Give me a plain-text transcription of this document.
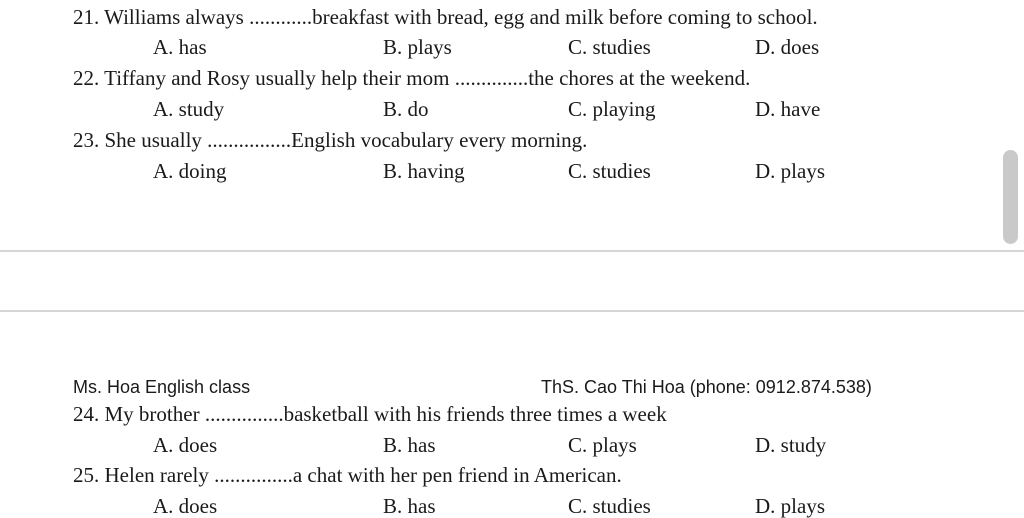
21. Williams always ............breakfast with bread, egg and milk before coming to school.
A. has	B. plays	C. studies	D. does
22. Tiffany and Rosy usually help their mom ..............the chores at the weekend.
A. study	B. do	C. playing	D. have
23. She usually ................English vocabulary every morning.
A. doing	B. having	C. studies	D. plays
Ms. Hoa English class	ThS. Cao Thi Hoa (phone: 0912.874.538)
24. My brother ...............basketball with his friends three times a week
A. does	B. has	C. plays	D. study
25. Helen rarely ...............a chat with her pen friend in American.
A. does	B. has	C. studies	D. plays
